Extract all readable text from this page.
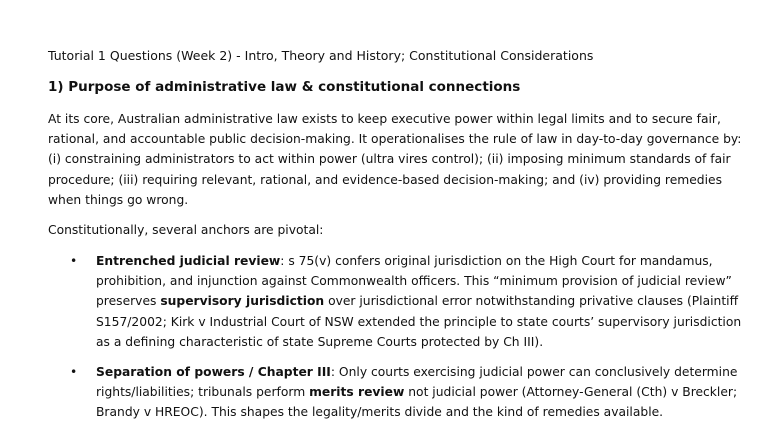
Tutorial 1 Questions (Week 2) - Intro, Theory and History; Constitutional Considerations
1) Purpose of administrative law & constitutional connections
At its core, Australian administrative law exists to keep executive power within legal limits and to secure fair, rational, and accountable public decision-making. It operationalises the rule of law in day-to-day governance by: (i) constraining administrators to act within power (ultra vires control); (ii) imposing minimum standards of fair procedure; (iii) requiring relevant, rational, and evidence-based decision-making; and (iv) providing remedies when things go wrong.
Constitutionally, several anchors are pivotal:
• Entrenched judicial review: s 75(v) confers original jurisdiction on the High Court for mandamus, prohibition, and injunction against Commonwealth officers. This “minimum provision of judicial review” preserves supervisory jurisdiction over jurisdictional error notwithstanding privative clauses (Plaintiff S157/2002; Kirk v Industrial Court of NSW extended the principle to state courts’ supervisory jurisdiction as a defining characteristic of state Supreme Courts protected by Ch III).
• Separation of powers / Chapter III: Only courts exercising judicial power can conclusively determine rights/liabilities; tribunals perform merits review not judicial power (Attorney-General (Cth) v Breckler; Brandy v HREOC). This shapes the legality/merits divide and the kind of remedies available.
